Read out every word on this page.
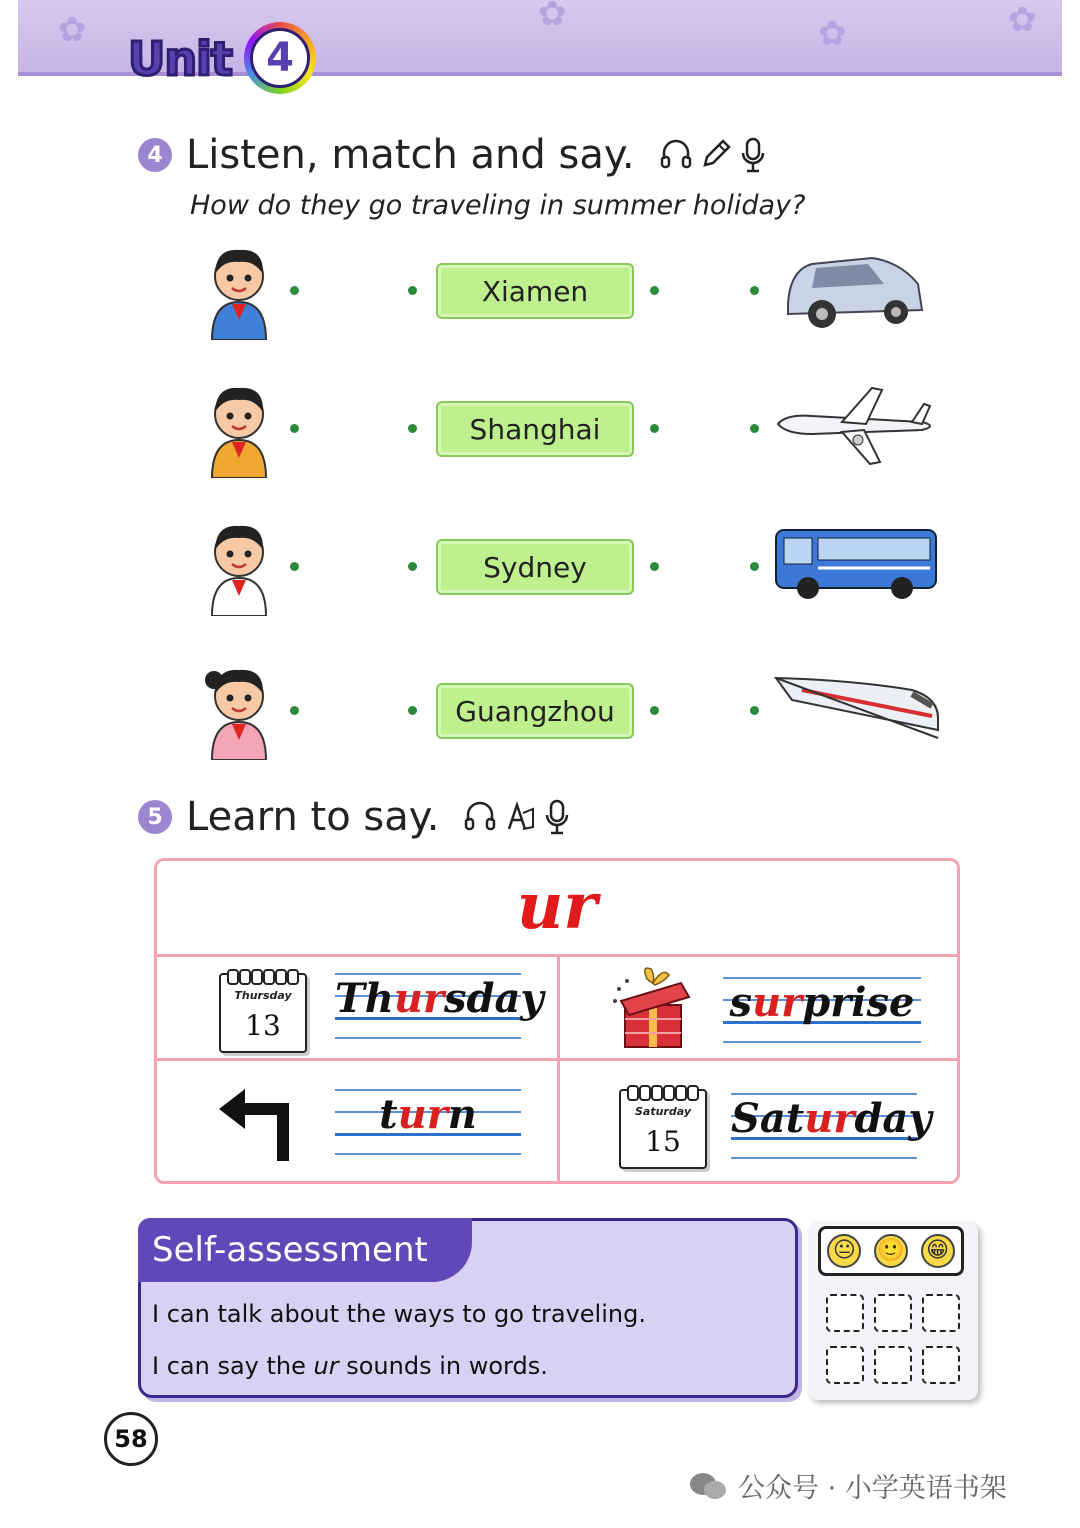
✿	✿	✿	✿
Unit 4
4 Listen, match and say.
How do they go traveling in summer holiday?
Xiamen
Shanghai
Sydney
Guangzhou
5 Learn to say.
ur
Thursday
13
Thursday	surprise
turn	Saturday
15	Saturday
Self-assessment
I can talk about the ways to go traveling.
I can say the ur sounds in words.
😐 🙂 😁
58
公众号 · 小学英语书架
